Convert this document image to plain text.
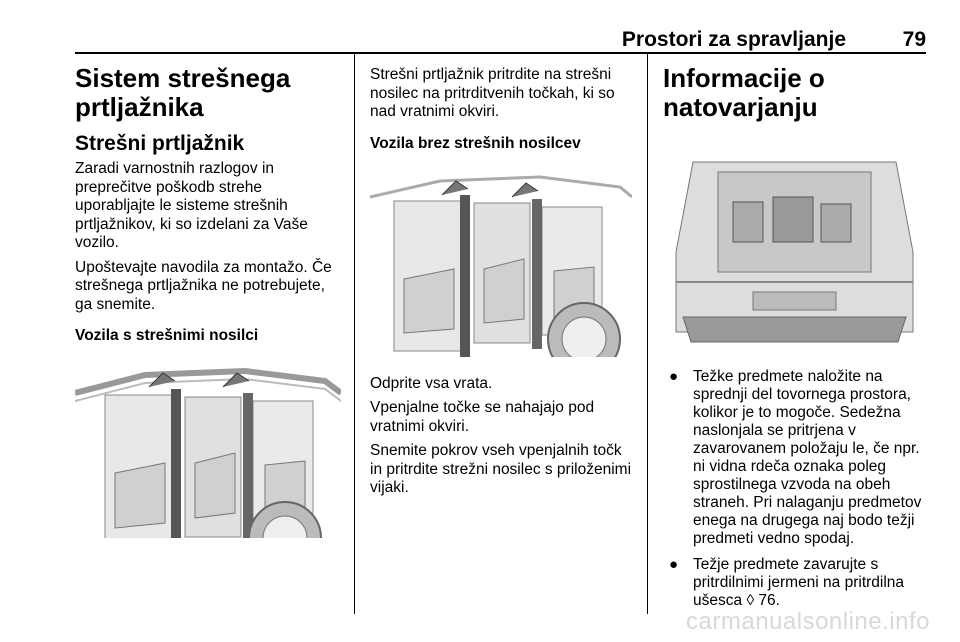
Prostori za spravljanje	79
Sistem strešnega prtljažnika
Strešni prtljažnik

Zaradi varnostnih razlogov in preprečitve poškodb strehe uporabljajte le sisteme strešnih prtljažnikov, ki so izdelani za Vaše vozilo.

Upoštevajte navodila za montažo. Če strešnega prtljažnika ne potrebujete, ga snemite.

Vozila s strešnimi nosilci

Strešni prtljažnik pritrdite na strešni nosilec na pritrditvenih točkah, ki so nad vratnimi okviri.

Vozila brez strešnih nosilcev

Odprite vsa vrata.

Vpenjalne točke se nahajajo pod vratnimi okviri.

Snemite pokrov vseh vpenjalnih točk in pritrdite strežni nosilec s priloženimi vijaki.

Informacije o natovarjanju
● Težke predmete naložite na sprednji del tovornega prostora, kolikor je to mogoče. Sedežna naslonjala se pritrjena v zavarovanem položaju le, če npr. ni vidna rdeča oznaka poleg sprostilnega vzvoda na obeh straneh. Pri nalaganju predmetov enega na drugega naj bodo težji predmeti vedno spodaj.
● Težje predmete zavarujte s pritrdilnimi jermeni na pritrdilna ušesca ◊ 76.
carmanualsonline.info
